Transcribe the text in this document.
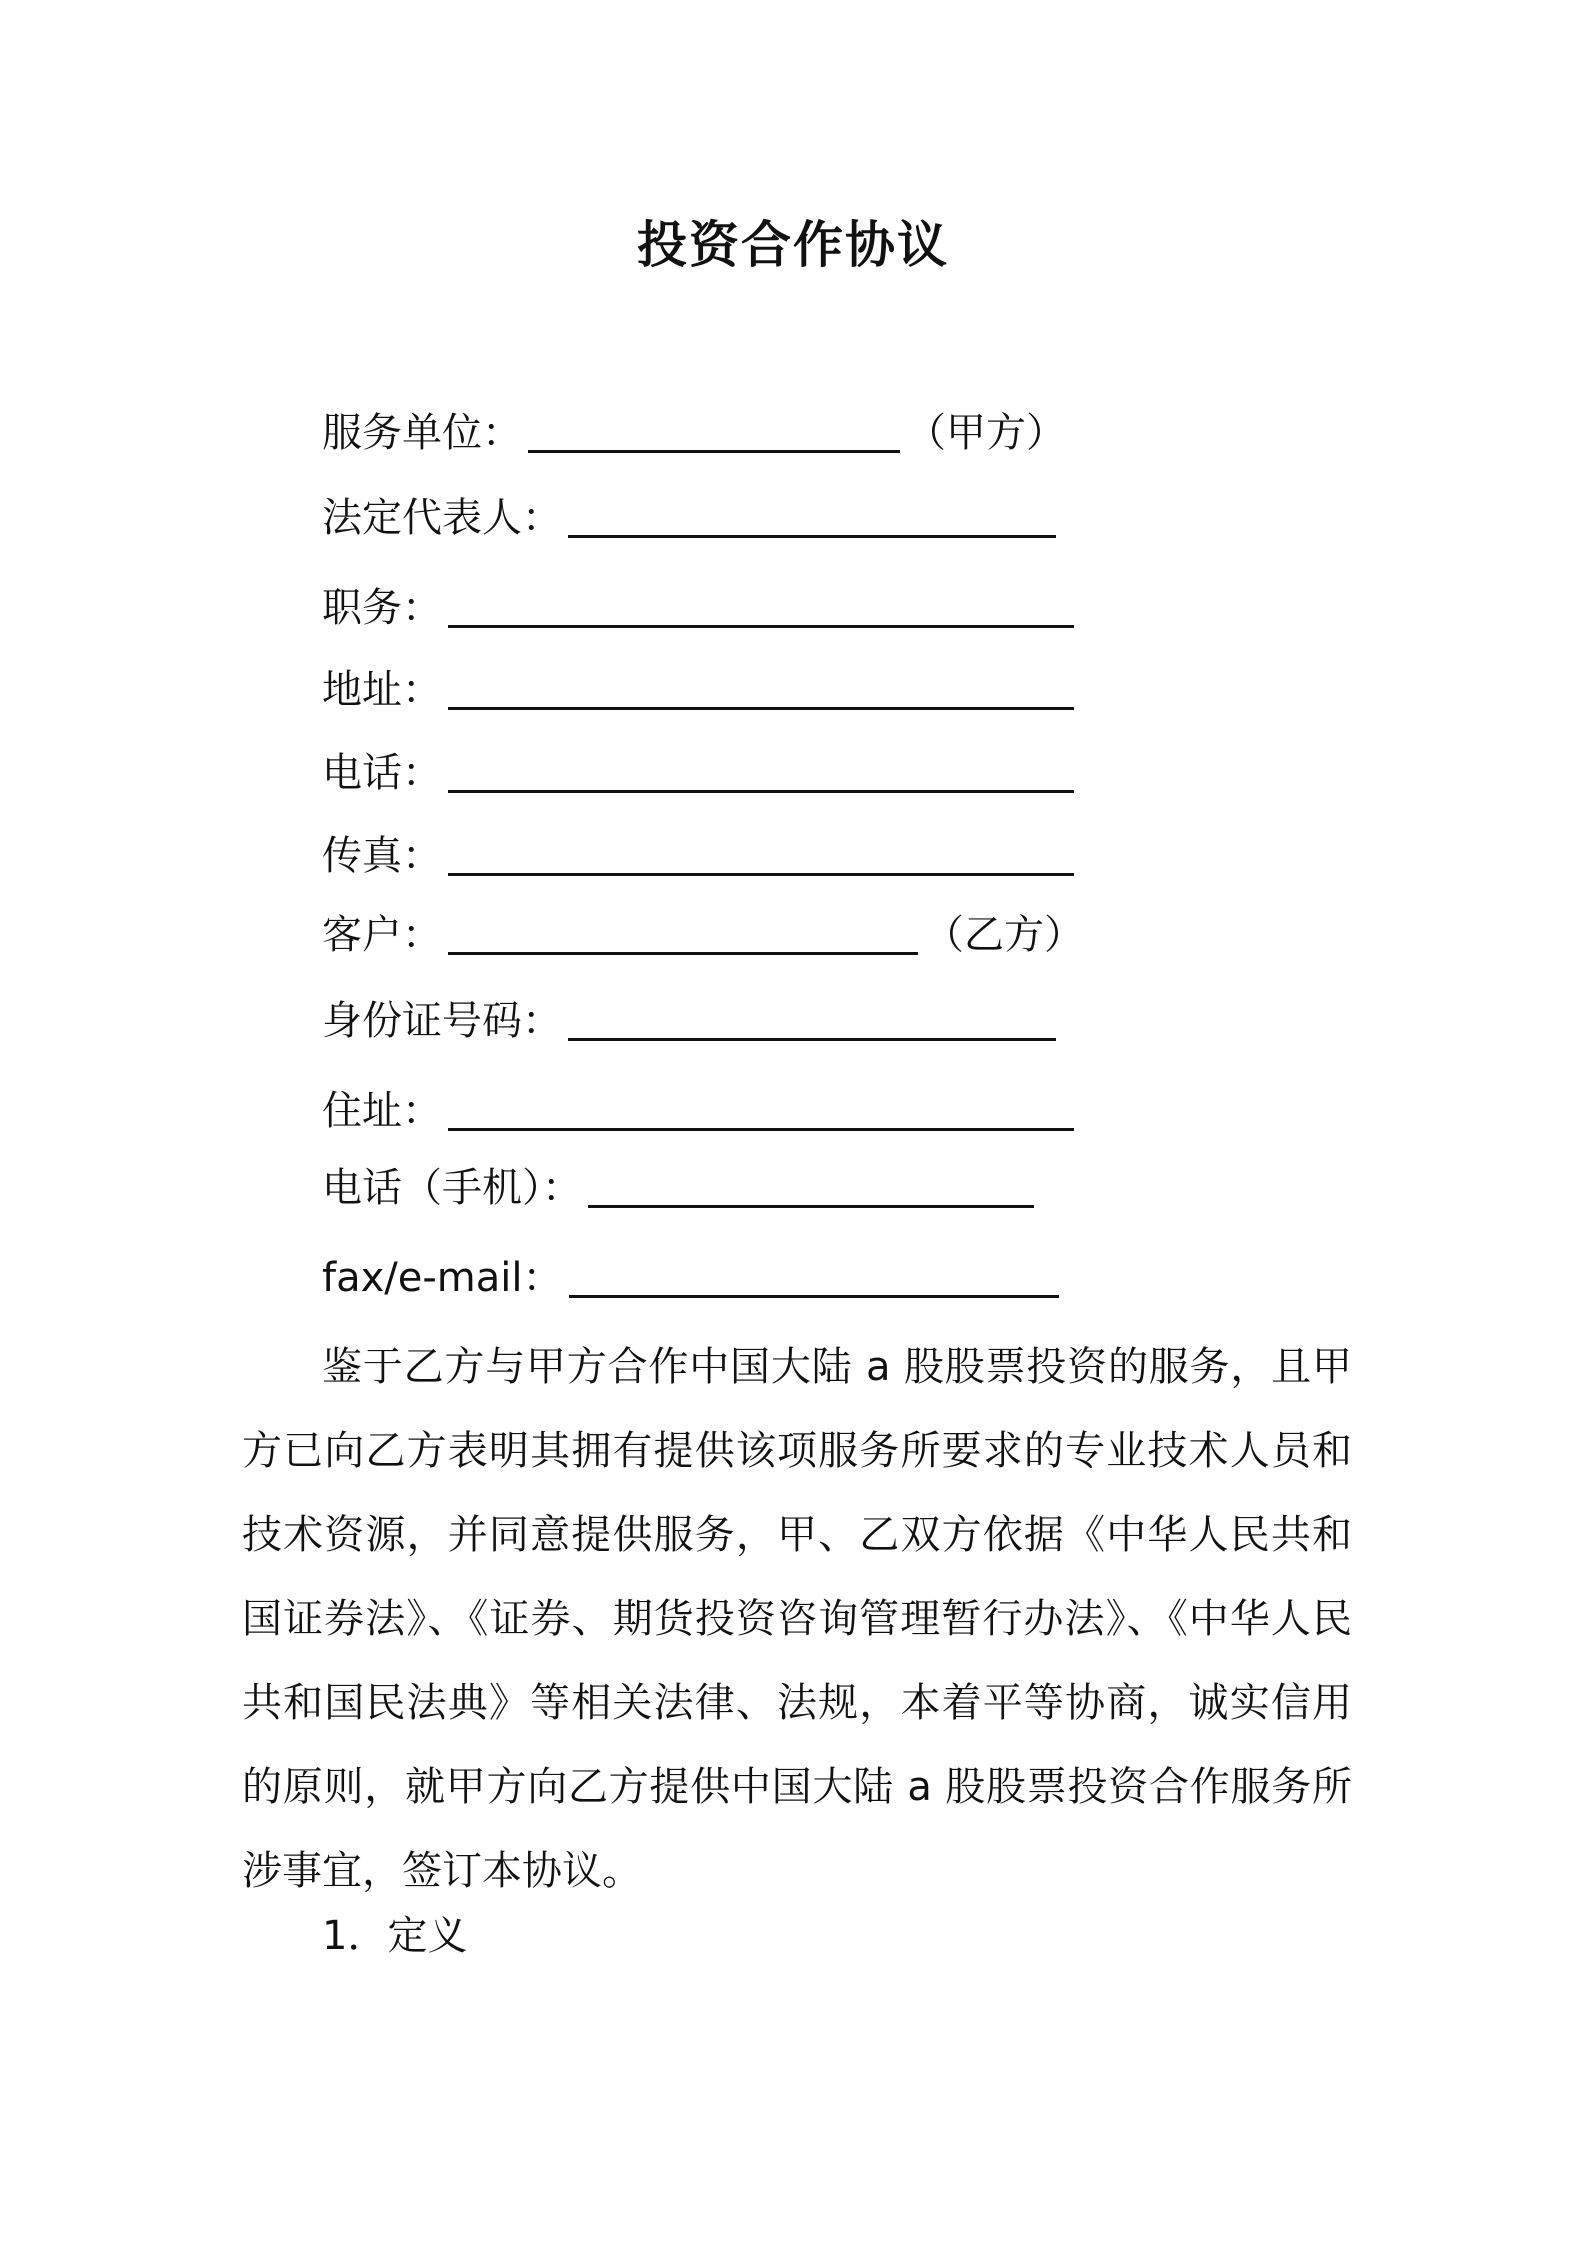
投资合作协议
服务单位：	（甲方）
法定代表人：
职务：
地址：
电话：
传真：
客户：	（乙方）
身份证号码：
住址：
电话（手机）：
fax/e-mail：

鉴于乙方与甲方合作中国大陆 a 股股票投资的服务，且甲方已向乙方表明其拥有提供该项服务所要求的专业技术人员和技术资源，并同意提供服务，甲、乙双方依据《中华人民共和国证券法》、《证券、期货投资咨询管理暂行办法》、《中华人民共和国民法典》等相关法律、法规，本着平等协商，诚实信用的原则，就甲方向乙方提供中国大陆 a 股股票投资合作服务所涉事宜，签订本协议。

1．定义
